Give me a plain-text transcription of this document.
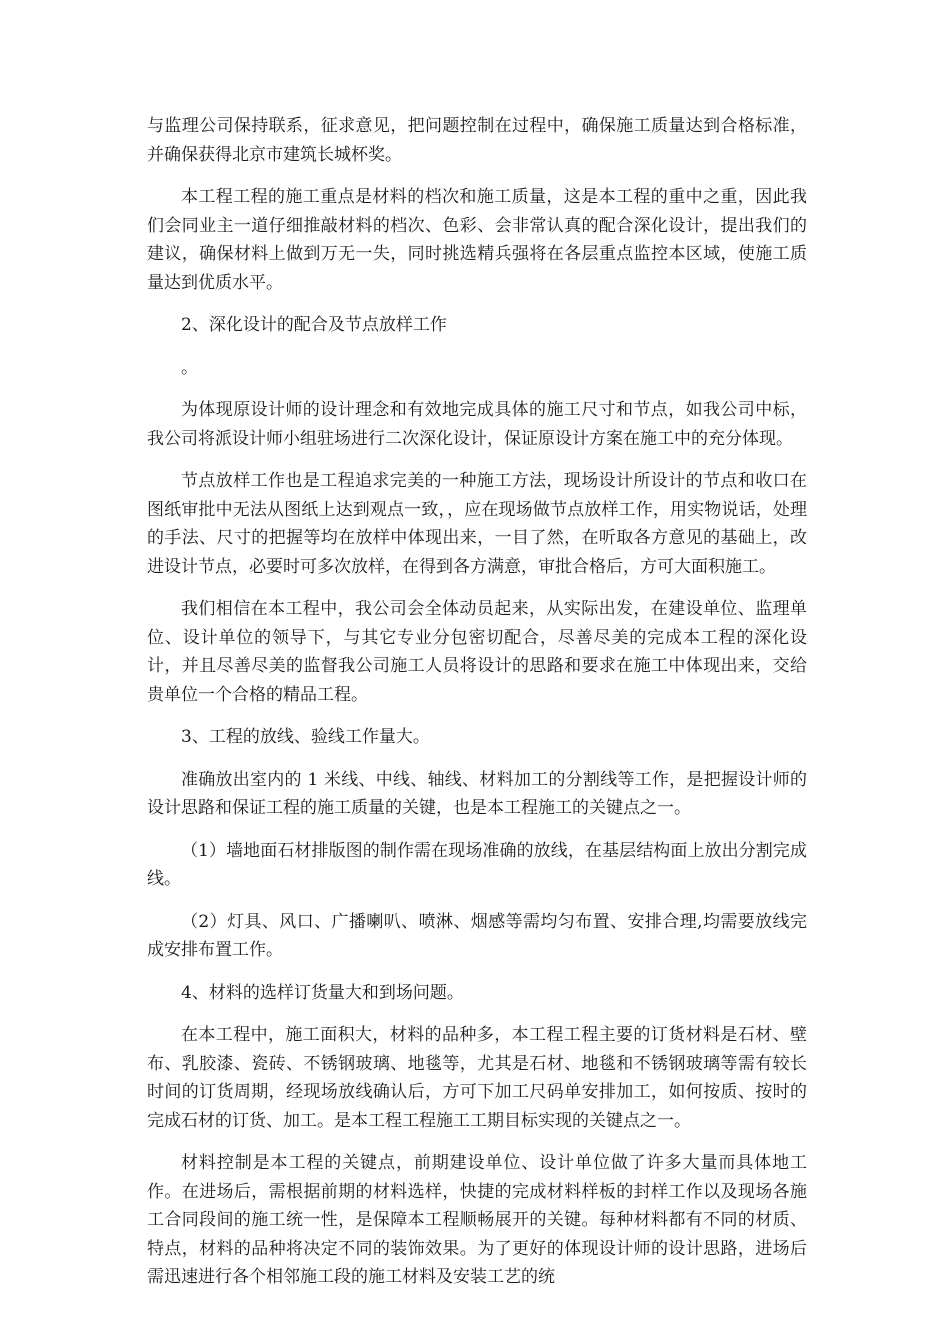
与监理公司保持联系，征求意见，把问题控制在过程中，确保施工质量达到合格标准，并确保获得北京市建筑长城杯奖。

本工程工程的施工重点是材料的档次和施工质量，这是本工程的重中之重，因此我们会同业主一道仔细推敲材料的档次、色彩、会非常认真的配合深化设计，提出我们的建议，确保材料上做到万无一失，同时挑选精兵强将在各层重点监控本区域，使施工质量达到优质水平。

2、深化设计的配合及节点放样工作

。

为体现原设计师的设计理念和有效地完成具体的施工尺寸和节点，如我公司中标，我公司将派设计师小组驻场进行二次深化设计，保证原设计方案在施工中的充分体现。

节点放样工作也是工程追求完美的一种施工方法，现场设计所设计的节点和收口在图纸审批中无法从图纸上达到观点一致，，应在现场做节点放样工作，用实物说话，处理的手法、尺寸的把握等均在放样中体现出来，一目了然，在听取各方意见的基础上，改进设计节点，必要时可多次放样，在得到各方满意，审批合格后，方可大面积施工。

我们相信在本工程中，我公司会全体动员起来，从实际出发，在建设单位、监理单位、设计单位的领导下，与其它专业分包密切配合，尽善尽美的完成本工程的深化设计，并且尽善尽美的监督我公司施工人员将设计的思路和要求在施工中体现出来，交给贵单位一个合格的精品工程。

3、工程的放线、验线工作量大。

准确放出室内的 1 米线、中线、轴线、材料加工的分割线等工作，是把握设计师的设计思路和保证工程的施工质量的关键，也是本工程施工的关键点之一。

（1）墙地面石材排版图的制作需在现场准确的放线，在基层结构面上放出分割完成线。

（2）灯具、风口、广播喇叭、喷淋、烟感等需均匀布置、安排合理,均需要放线完成安排布置工作。

4、材料的选样订货量大和到场问题。

在本工程中，施工面积大，材料的品种多，本工程工程主要的订货材料是石材、壁布、乳胶漆、瓷砖、不锈钢玻璃、地毯等，尤其是石材、地毯和不锈钢玻璃等需有较长时间的订货周期，经现场放线确认后，方可下加工尺码单安排加工，如何按质、按时的完成石材的订货、加工。是本工程工程施工工期目标实现的关键点之一。

材料控制是本工程的关键点，前期建设单位、设计单位做了许多大量而具体地工作。在进场后，需根据前期的材料选样，快捷的完成材料样板的封样工作以及现场各施工合同段间的施工统一性，是保障本工程顺畅展开的关键。每种材料都有不同的材质、特点，材料的品种将决定不同的装饰效果。为了更好的体现设计师的设计思路，进场后需迅速进行各个相邻施工段的施工材料及安装工艺的统
